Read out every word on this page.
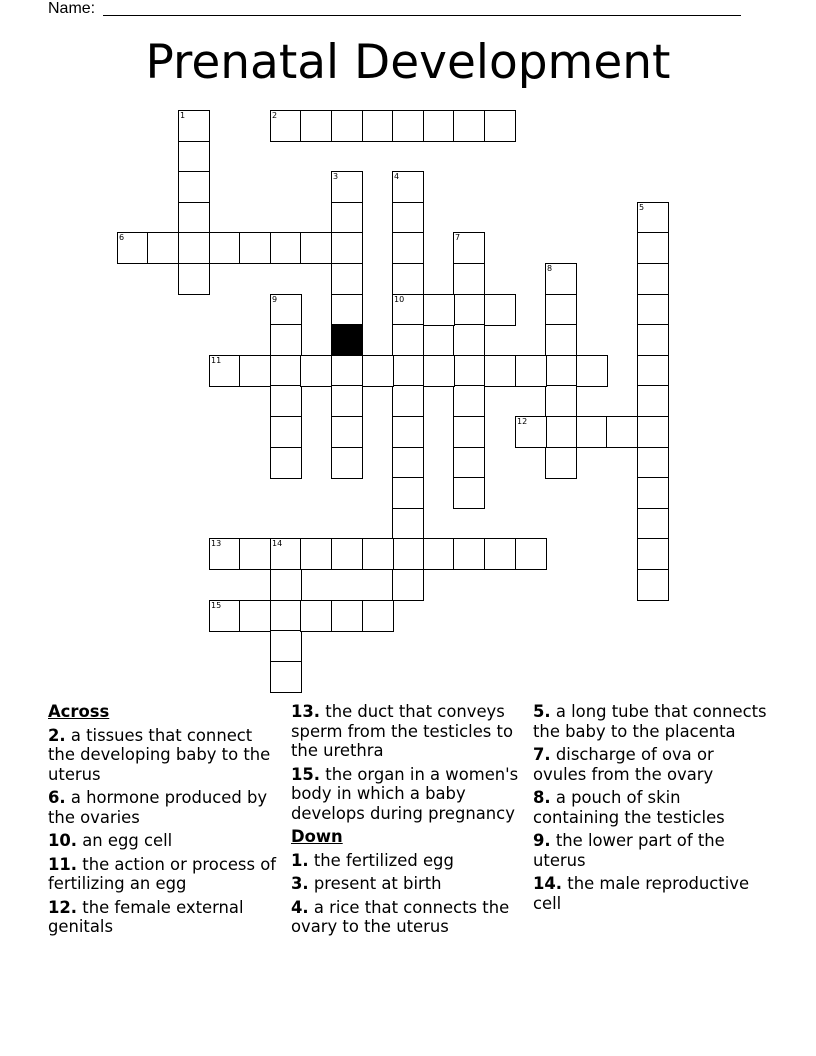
Name:
Prenatal Development
1	2
3	4
10
5
6	7
8
9
11
12
13	14
15
Across
2. a tissues that connect the developing baby to the uterus
6. a hormone produced by the ovaries
10. an egg cell
11. the action or process of fertilizing an egg
12. the female external genitals
13. the duct that conveys sperm from the testicles to the urethra
15. the organ in a women's body in which a baby develops during pregnancy
Down
1. the fertilized egg
3. present at birth
4. a rice that connects the ovary to the uterus
5. a long tube that connects the baby to the placenta
7. discharge of ova or ovules from the ovary
8. a pouch of skin containing the testicles
9. the lower part of the uterus
14. the male reproductive cell
